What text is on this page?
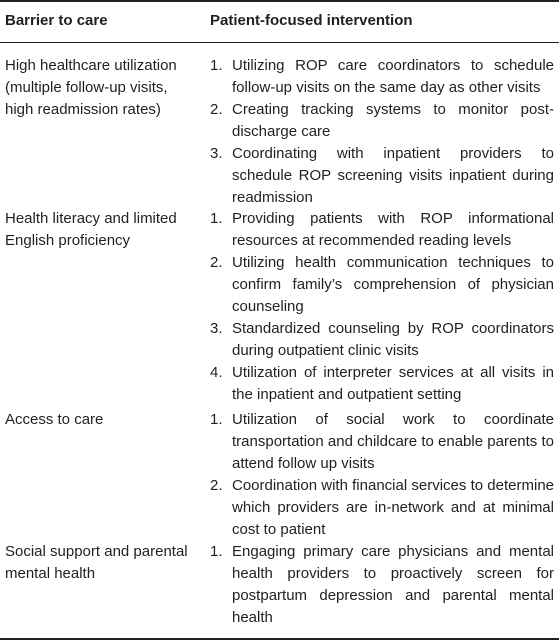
Barrier to care	Patient-focused intervention
High healthcare utilization (multiple follow-up visits, high readmission rates)
1. Utilizing ROP care coordinators to schedule follow-up visits on the same day as other visits
2. Creating tracking systems to monitor post-discharge care
3. Coordinating with inpatient providers to schedule ROP screening visits inpatient during readmission
Health literacy and limited English proficiency
1. Providing patients with ROP informational resources at recommended reading levels
2. Utilizing health communication techniques to confirm family’s comprehension of physician counseling
3. Standardized counseling by ROP coordinators during outpatient clinic visits
4. Utilization of interpreter services at all visits in the inpatient and outpatient setting
Access to care	1. Utilization of social work to coordinate transportation and childcare to enable parents to attend follow up visits
2. Coordination with financial services to determine which providers are in-network and at minimal cost to patient
Social support and parental mental health
1. Engaging primary care physicians and mental health providers to proactively screen for postpartum depression and parental mental health
